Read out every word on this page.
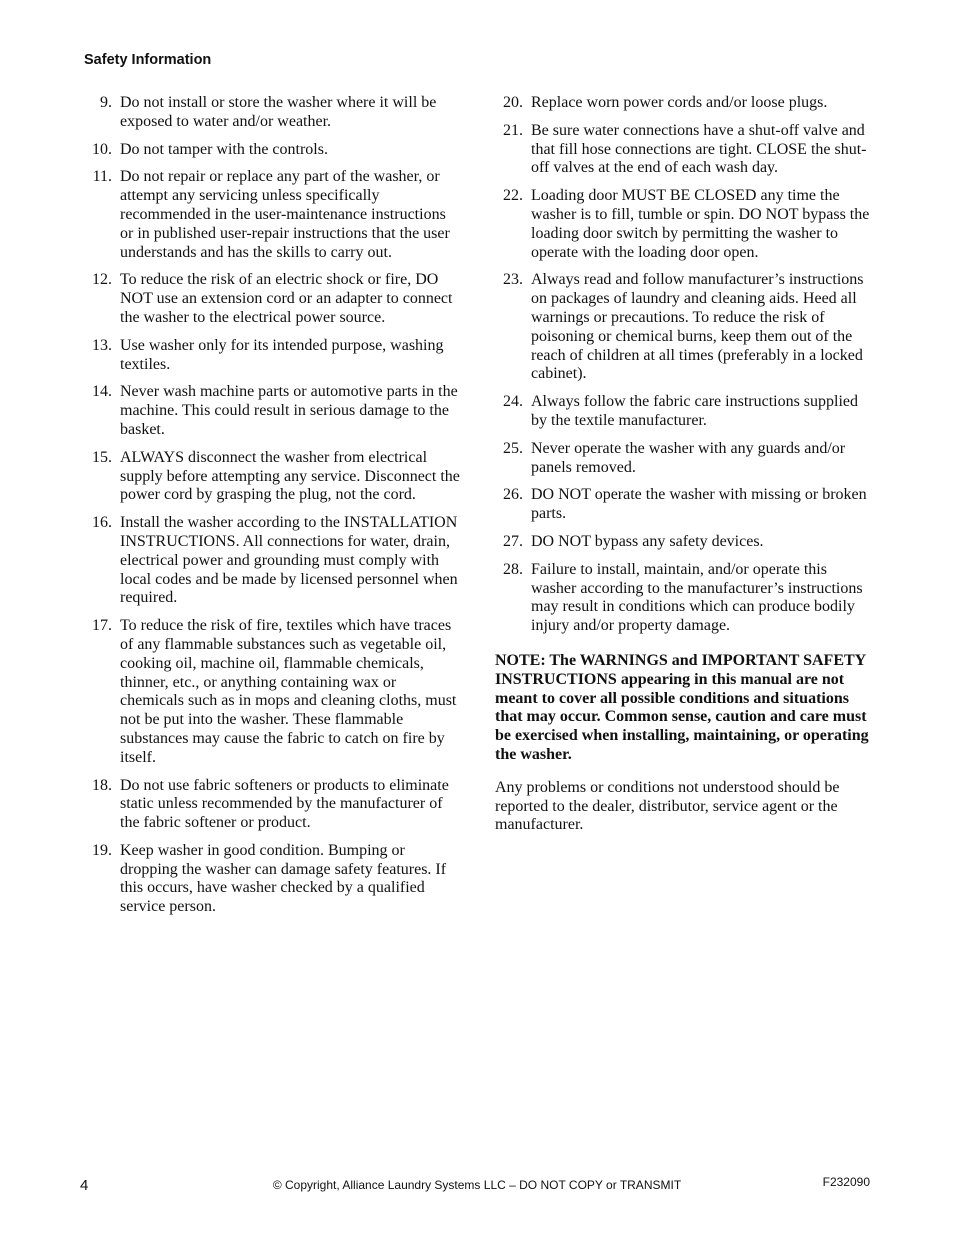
Safety Information
9. Do not install or store the washer where it will be exposed to water and/or weather.
10. Do not tamper with the controls.
11. Do not repair or replace any part of the washer, or attempt any servicing unless specifically recommended in the user-maintenance instructions or in published user-repair instructions that the user understands and has the skills to carry out.
12. To reduce the risk of an electric shock or fire, DO NOT use an extension cord or an adapter to connect the washer to the electrical power source.
13. Use washer only for its intended purpose, washing textiles.
14. Never wash machine parts or automotive parts in the machine. This could result in serious damage to the basket.
15. ALWAYS disconnect the washer from electrical supply before attempting any service. Disconnect the power cord by grasping the plug, not the cord.
16. Install the washer according to the INSTALLATION INSTRUCTIONS. All connections for water, drain, electrical power and grounding must comply with local codes and be made by licensed personnel when required.
17. To reduce the risk of fire, textiles which have traces of any flammable substances such as vegetable oil, cooking oil, machine oil, flammable chemicals, thinner, etc., or anything containing wax or chemicals such as in mops and cleaning cloths, must not be put into the washer. These flammable substances may cause the fabric to catch on fire by itself.
18. Do not use fabric softeners or products to eliminate static unless recommended by the manufacturer of the fabric softener or product.
19. Keep washer in good condition. Bumping or dropping the washer can damage safety features. If this occurs, have washer checked by a qualified service person.
20. Replace worn power cords and/or loose plugs.
21. Be sure water connections have a shut-off valve and that fill hose connections are tight. CLOSE the shut-off valves at the end of each wash day.
22. Loading door MUST BE CLOSED any time the washer is to fill, tumble or spin. DO NOT bypass the loading door switch by permitting the washer to operate with the loading door open.
23. Always read and follow manufacturer’s instructions on packages of laundry and cleaning aids. Heed all warnings or precautions. To reduce the risk of poisoning or chemical burns, keep them out of the reach of children at all times (preferably in a locked cabinet).
24. Always follow the fabric care instructions supplied by the textile manufacturer.
25. Never operate the washer with any guards and/or panels removed.
26. DO NOT operate the washer with missing or broken parts.
27. DO NOT bypass any safety devices.
28. Failure to install, maintain, and/or operate this washer according to the manufacturer’s instructions may result in conditions which can produce bodily injury and/or property damage.
NOTE: The WARNINGS and IMPORTANT SAFETY INSTRUCTIONS appearing in this manual are not meant to cover all possible conditions and situations that may occur. Common sense, caution and care must be exercised when installing, maintaining, or operating the washer.
Any problems or conditions not understood should be reported to the dealer, distributor, service agent or the manufacturer.
4	© Copyright, Alliance Laundry Systems LLC – DO NOT COPY or TRANSMIT	F232090
